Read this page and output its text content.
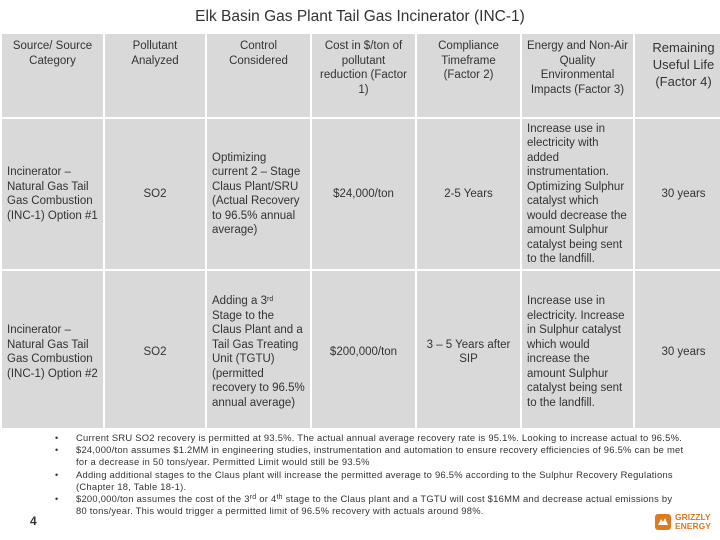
Elk Basin Gas Plant Tail Gas Incinerator (INC-1)
Source/ Source Category	Pollutant Analyzed	Control Considered	Cost in $/ton of pollutant reduction (Factor 1)	Compliance Timeframe (Factor 2)	Energy and Non-Air Quality Environmental Impacts (Factor 3)	Remaining Useful Life (Factor 4)
Incinerator – Natural Gas Tail Gas Combustion (INC-1) Option #1	SO2	Optimizing current 2 – Stage Claus Plant/SRU (Actual Recovery to 96.5% annual average)	$24,000/ton	2-5 Years	Increase use in electricity with added instrumentation. Optimizing Sulphur catalyst which would decrease the amount Sulphur catalyst being sent to the landfill.	30 years
Incinerator – Natural Gas Tail Gas Combustion (INC-1) Option #2	SO2	Adding a 3rd Stage to the Claus Plant and a Tail Gas Treating Unit (TGTU) (permitted recovery to 96.5% annual average)	$200,000/ton	3 – 5 Years after SIP	Increase use in electricity. Increase in Sulphur catalyst which would increase the amount Sulphur catalyst being sent to the landfill.	30 years
• Current SRU SO2 recovery is permitted at 93.5%. The actual annual average recovery rate is 95.1%. Looking to increase actual to 96.5%.
• $24,000/ton assumes $1.2MM in engineering studies, instrumentation and automation to ensure recovery efficiencies of 96.5% can be met for a decrease in 50 tons/year. Permitted Limit would still be 93.5%
• Adding additional stages to the Claus plant will increase the permitted average to 96.5% according to the Sulphur Recovery Regulations (Chapter 18, Table 18-1).
• $200,000/ton assumes the cost of the 3rd or 4th stage to the Claus plant and a TGTU will cost $16MM and decrease actual emissions by 80 tons/year. This would trigger a permitted limit of 96.5% recovery with actuals around 98%.
4	GRIZZLY
ENERGY
